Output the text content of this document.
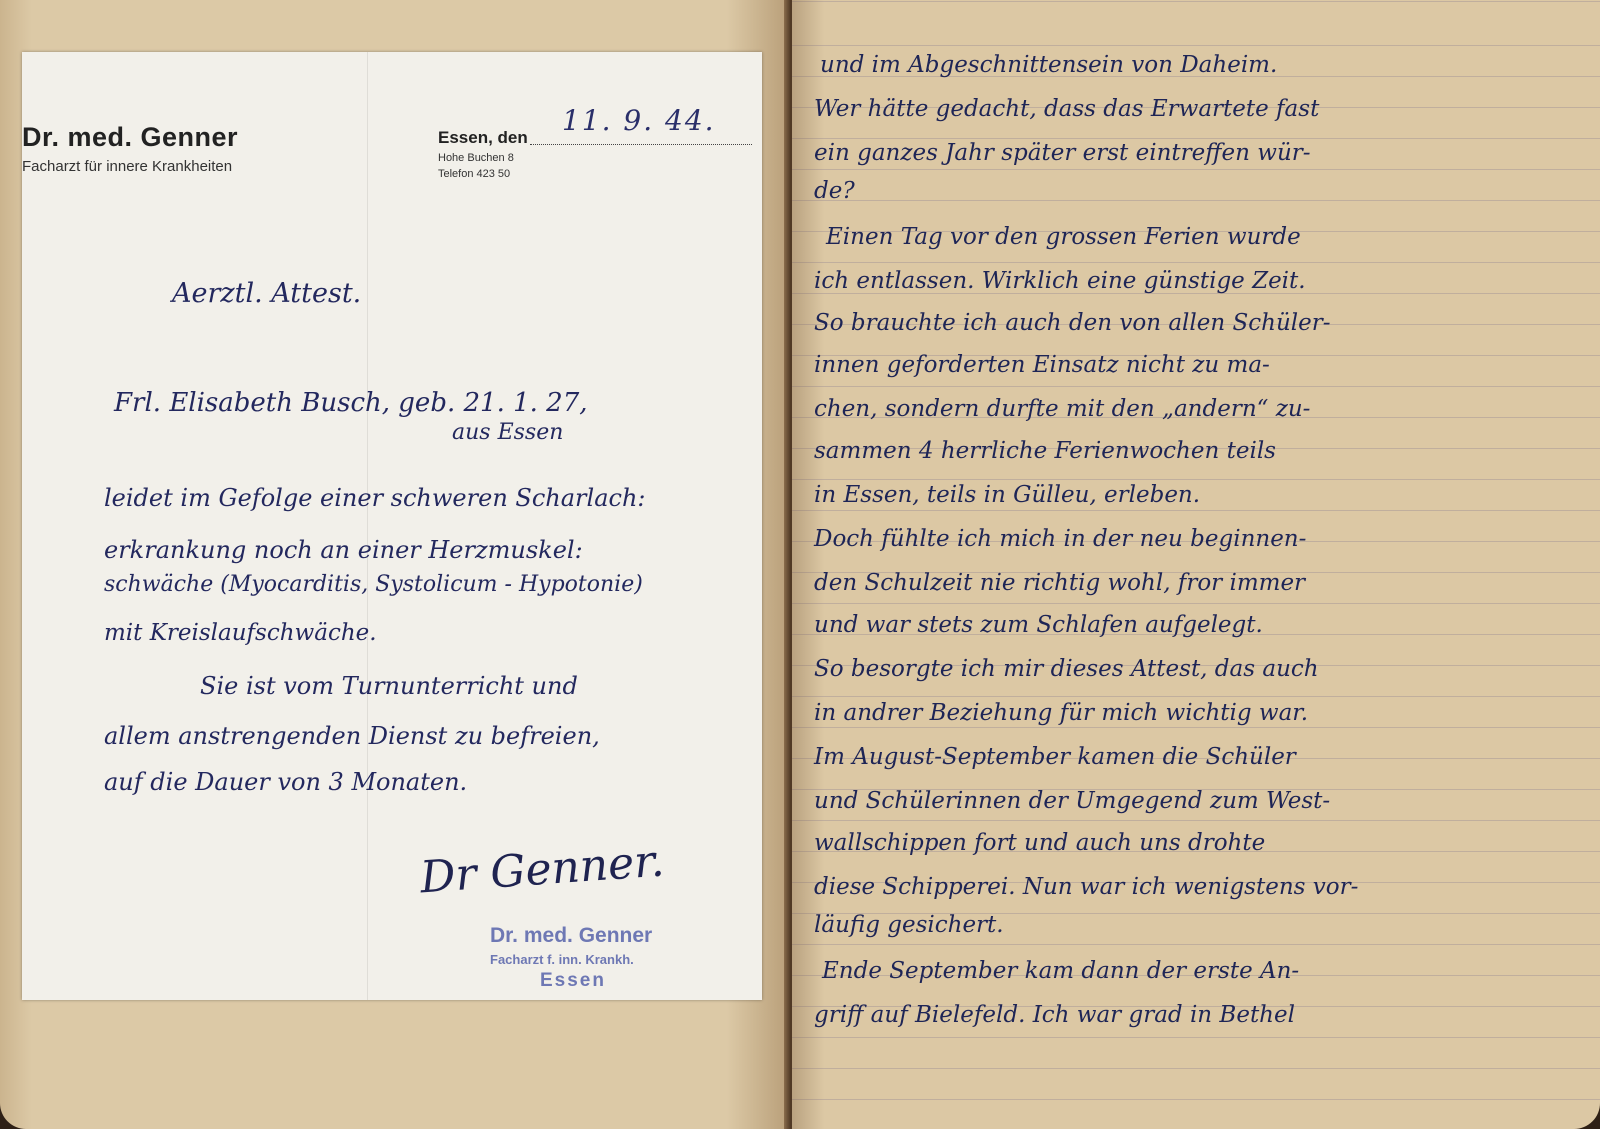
Dr. med. Genner
Facharzt für innere Krankheiten
Essen, den
11. 9. 44.
Hohe Buchen 8
Telefon 423 50
Aerztl. Attest.
Frl. Elisabeth Busch, geb. 21. 1. 27,
aus Essen
leidet im Gefolge einer schweren Scharlach:
erkrankung noch an einer Herzmuskel:
schwäche (Myocarditis, Systolicum - Hypotonie)
mit Kreislaufschwäche.
Sie ist vom Turnunterricht und
allem anstrengenden Dienst zu befreien,
auf die Dauer von 3 Monaten.
Dr Genner.
Dr. med. Genner
Facharzt f. inn. Krankh.
Essen
und im Abgeschnittensein von Daheim.
Wer hätte gedacht, dass das Erwartete fast
ein ganzes Jahr später erst eintreffen wür-
de?
Einen Tag vor den grossen Ferien wurde
ich entlassen. Wirklich eine günstige Zeit.
So brauchte ich auch den von allen Schüler-
innen geforderten Einsatz nicht zu ma-
chen, sondern durfte mit den „andern“ zu-
sammen 4 herrliche Ferienwochen teils
in Essen, teils in Gülleu, erleben.
Doch fühlte ich mich in der neu beginnen-
den Schulzeit nie richtig wohl, fror immer
und war stets zum Schlafen aufgelegt.
So besorgte ich mir dieses Attest, das auch
in andrer Beziehung für mich wichtig war.
Im August-September kamen die Schüler
und Schülerinnen der Umgegend zum West-
wallschippen fort und auch uns drohte
diese Schipperei. Nun war ich wenigstens vor-
läufig gesichert.
Ende September kam dann der erste An-
griff auf Bielefeld. Ich war grad in Bethel
